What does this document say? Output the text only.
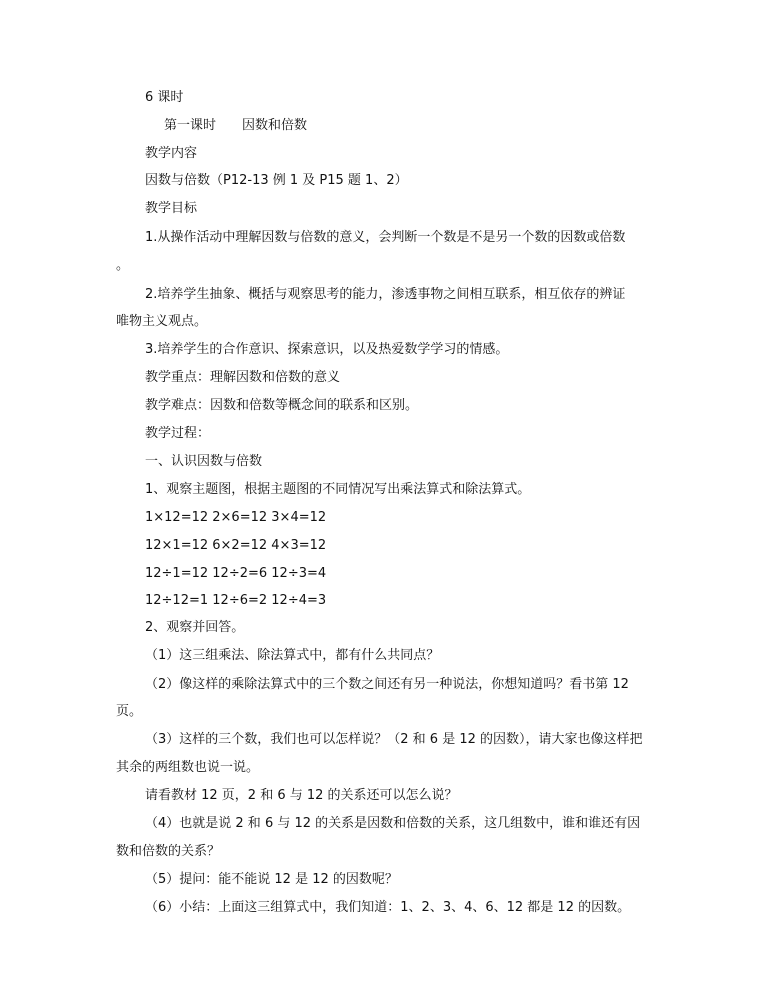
6 课时
第一课时　　因数和倍数
教学内容
因数与倍数（P12-13 例 1 及 P15 题 1、2）
教学目标
1.从操作活动中理解因数与倍数的意义，会判断一个数是不是另一个数的因数或倍数
。
2.培养学生抽象、概括与观察思考的能力，渗透事物之间相互联系，相互依存的辨证
唯物主义观点。
3.培养学生的合作意识、探索意识，以及热爱数学学习的情感。
教学重点：理解因数和倍数的意义
教学难点：因数和倍数等概念间的联系和区别。
教学过程：
一、认识因数与倍数
1、观察主题图，根据主题图的不同情况写出乘法算式和除法算式。
1×12=12 2×6=12 3×4=12
12×1=12 6×2=12 4×3=12
12÷1=12 12÷2=6 12÷3=4
12÷12=1 12÷6=2 12÷4=3
2、观察并回答。
（1）这三组乘法、除法算式中，都有什么共同点？
（2）像这样的乘除法算式中的三个数之间还有另一种说法，你想知道吗？看书第 12
页。
（3）这样的三个数，我们也可以怎样说？（2 和 6 是 12 的因数），请大家也像这样把
其余的两组数也说一说。
请看教材 12 页，2 和 6 与 12 的关系还可以怎么说？
（4）也就是说 2 和 6 与 12 的关系是因数和倍数的关系，这几组数中，谁和谁还有因
数和倍数的关系？
（5）提问：能不能说 12 是 12 的因数呢？
（6）小结：上面这三组算式中，我们知道：1、2、3、4、6、12 都是 12 的因数。
